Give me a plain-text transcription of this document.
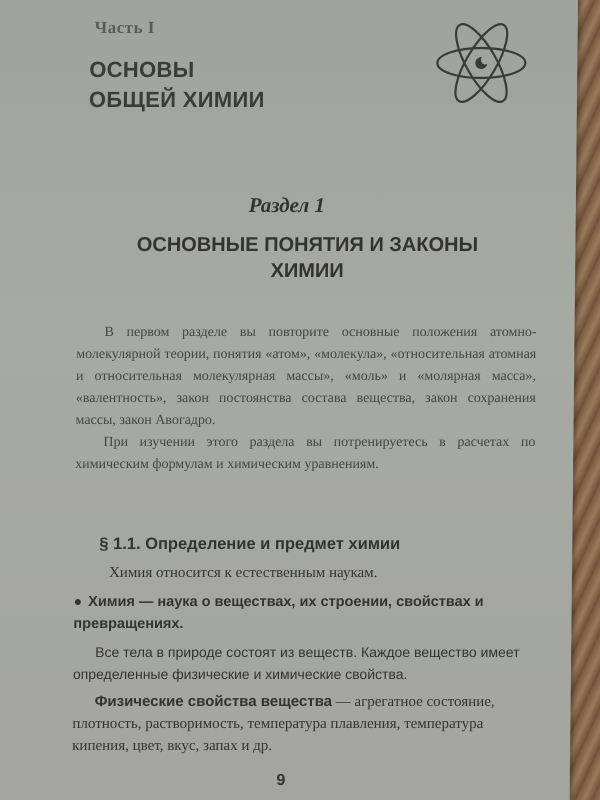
Часть I
ОСНОВЫ
ОБЩЕЙ ХИМИИ
Раздел 1
ОСНОВНЫЕ ПОНЯТИЯ И ЗАКОНЫ
ХИМИИ

В первом разделе вы повторите основные положения атомно-молекулярной теории, понятия «атом», «молекула», «относительная атомная и относительная молекулярная массы», «моль» и «молярная масса», «валентность», закон постоянства состава вещества, закон сохранения массы, закон Авогадро.

При изучении этого раздела вы потренируетесь в расчетах по химическим формулам и химическим уравнениям.

§ 1.1. Определение и предмет химии

Химия относится к естественным наукам.

● Химия — наука о веществах, их строении, свойствах и превращениях.

Все тела в природе состоят из веществ. Каждое вещество имеет определенные физические и химические свойства.

Физические свойства вещества — агрегатное состояние, плотность, растворимость, температура плавления, температура кипения, цвет, вкус, запах и др.

9
